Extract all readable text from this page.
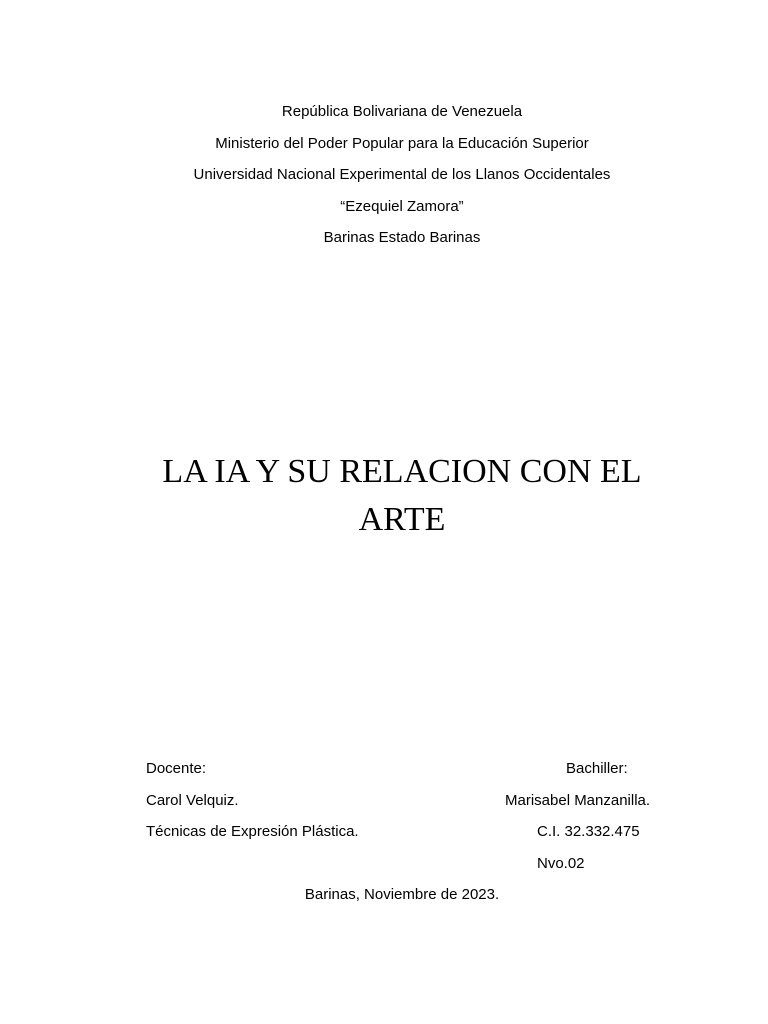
República Bolivariana de Venezuela
Ministerio del Poder Popular para la Educación Superior
Universidad Nacional Experimental de los Llanos Occidentales
“Ezequiel Zamora”
Barinas Estado Barinas
LA IA Y SU RELACION CON EL
ARTE
Docente:
Carol Velquiz.
Técnicas de Expresión Plástica.
Bachiller:
Marisabel Manzanilla.
C.I. 32.332.475
Nvo.02
Barinas, Noviembre de 2023.
